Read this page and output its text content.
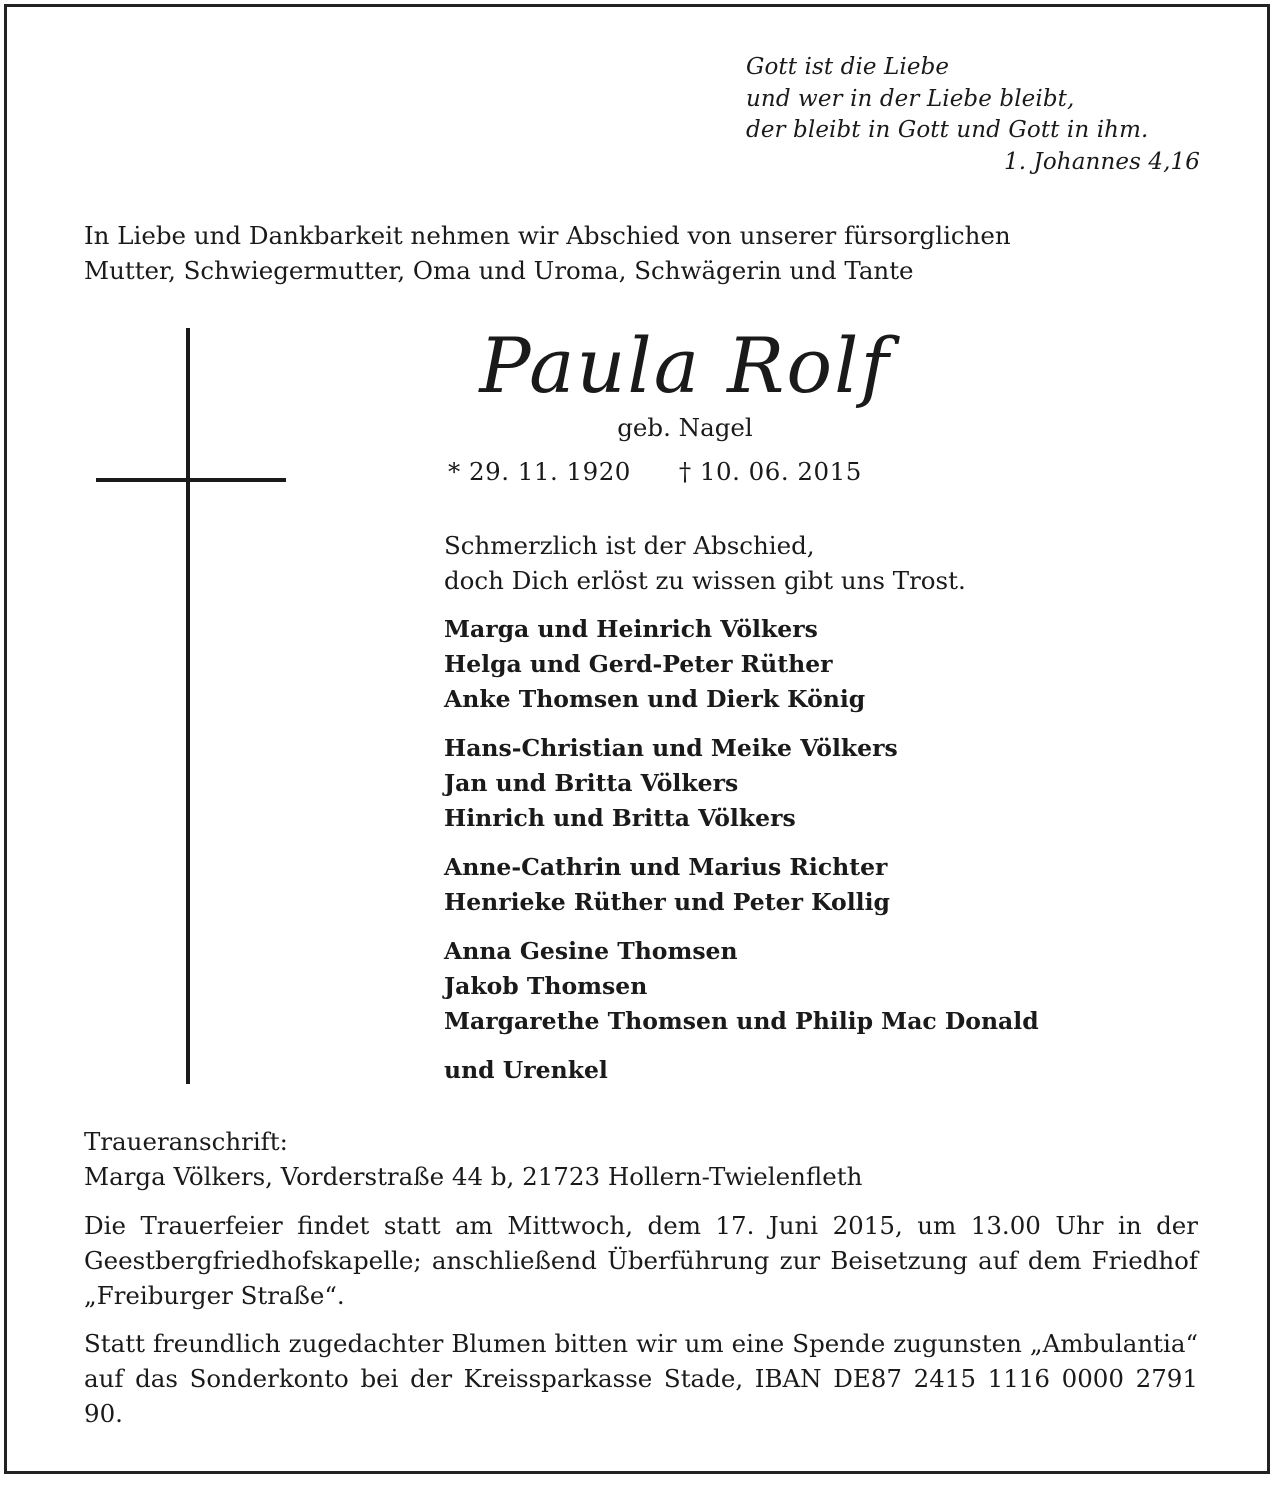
Gott ist die Liebe
und wer in der Liebe bleibt,
der bleibt in Gott und Gott in ihm.
1. Johannes 4,16
In Liebe und Dankbarkeit nehmen wir Abschied von unserer fürsorglichen
Mutter, Schwiegermutter, Oma und Uroma, Schwägerin und Tante
Paula Rolf
geb. Nagel
* 29. 11. 1920 † 10. 06. 2015
Schmerzlich ist der Abschied,
doch Dich erlöst zu wissen gibt uns Trost.
Marga und Heinrich Völkers
Helga und Gerd-Peter Rüther
Anke Thomsen und Dierk König
Hans-Christian und Meike Völkers
Jan und Britta Völkers
Hinrich und Britta Völkers
Anne-Cathrin und Marius Richter
Henrieke Rüther und Peter Kollig
Anna Gesine Thomsen
Jakob Thomsen
Margarethe Thomsen und Philip Mac Donald
und Urenkel
Traueranschrift:
Marga Völkers, Vorderstraße 44 b, 21723 Hollern-Twielenfleth
Die Trauerfeier findet statt am Mittwoch, dem 17. Juni 2015, um 13.00 Uhr in der Geestbergfriedhofskapelle; anschließend Überführung zur Beisetzung auf dem Friedhof „Freiburger Straße“.
Statt freundlich zugedachter Blumen bitten wir um eine Spende zugunsten „Ambulantia“ auf das Sonderkonto bei der Kreissparkasse Stade, IBAN DE87 2415 1116 0000 2791 90.
